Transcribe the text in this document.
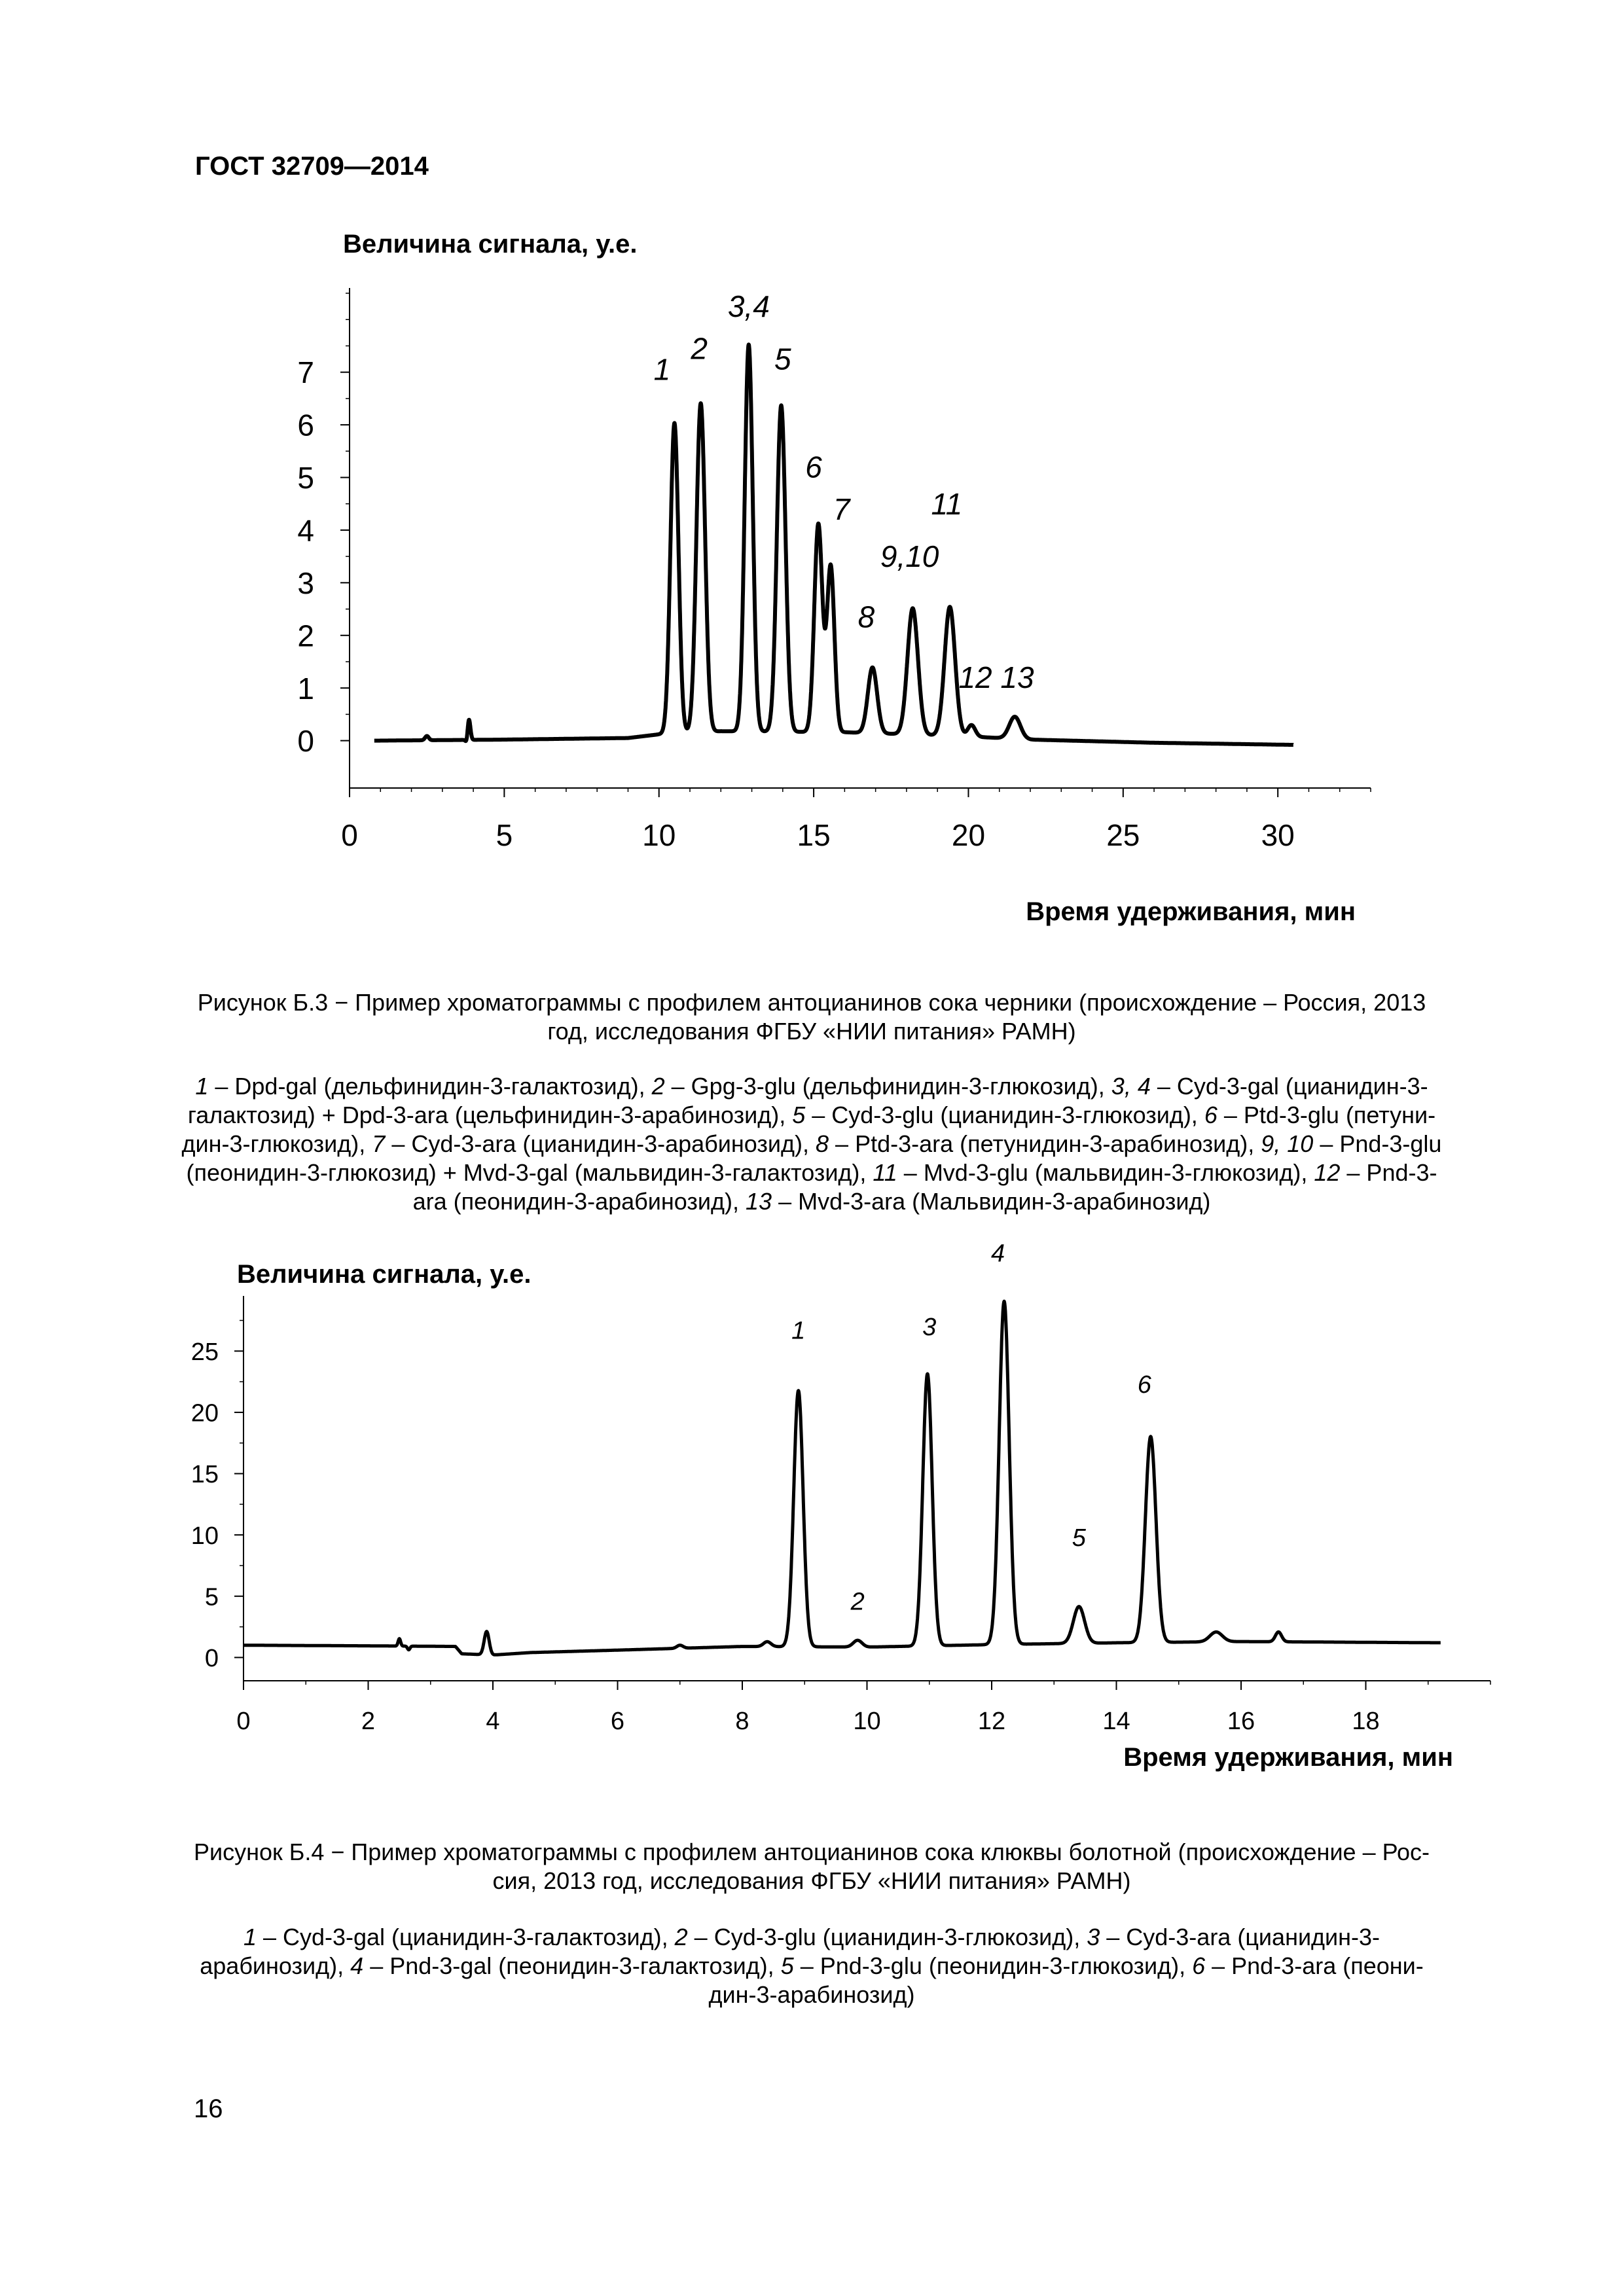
ГОСТ 32709—2014
Величина сигнала, у.е.
0	5	10	15	20	25	30
0
1
2
3
4
5
6
7
Время удерживания, мин
1
2
3,4
5
6
7	11
9,10
8
12 13
Рисунок Б.3 − Пример хроматограммы с профилем антоцианинов сока черники (происхождение – Россия, 2013
год, исследования ФГБУ «НИИ питания» РАМН)
1 – Dpd-gal (дельфинидин-3-галактозид), 2 – Gpg-3-glu (дельфинидин-3-глюкозид), 3, 4 – Cyd-3-gal (цианидин-3-
галактозид) + Dpd-3-ara (цельфинидин-3-арабинозид), 5 – Cyd-3-glu (цианидин-3-глюкозид), 6 – Ptd-3-glu (петуни-
дин-3-глюкозид), 7 – Cyd-3-ara (цианидин-3-арабинозид), 8 – Ptd-3-ara (петунидин-3-арабинозид), 9, 10 – Pnd-3-glu
(пеонидин-3-глюкозид) + Mvd-3-gal (мальвидин-3-галактозид), 11 – Mvd-3-glu (мальвидин-3-глюкозид), 12 – Pnd-3-
ara (пеонидин-3-арабинозид), 13 – Mvd-3-ara (Мальвидин-3-арабинозид)
Величина сигнала, у.е.
0	2	4	6	8	10	12	14	16	18
0
5
10
15
20
25
Время удерживания, мин
1
2
3
4
5
6
Рисунок Б.4 − Пример хроматограммы с профилем антоцианинов сока клюквы болотной (происхождение – Рос-
сия, 2013 год, исследования ФГБУ «НИИ питания» РАМН)
1 – Cyd-3-gal (цианидин-3-галактозид), 2 – Cyd-3-glu (цианидин-3-глюкозид), 3 – Cyd-3-ara (цианидин-3-
арабинозид), 4 – Pnd-3-gal (пеонидин-3-галактозид), 5 – Pnd-3-glu (пеонидин-3-глюкозид), 6 – Pnd-3-ara (пеони-
дин-3-арабинозид)
16
